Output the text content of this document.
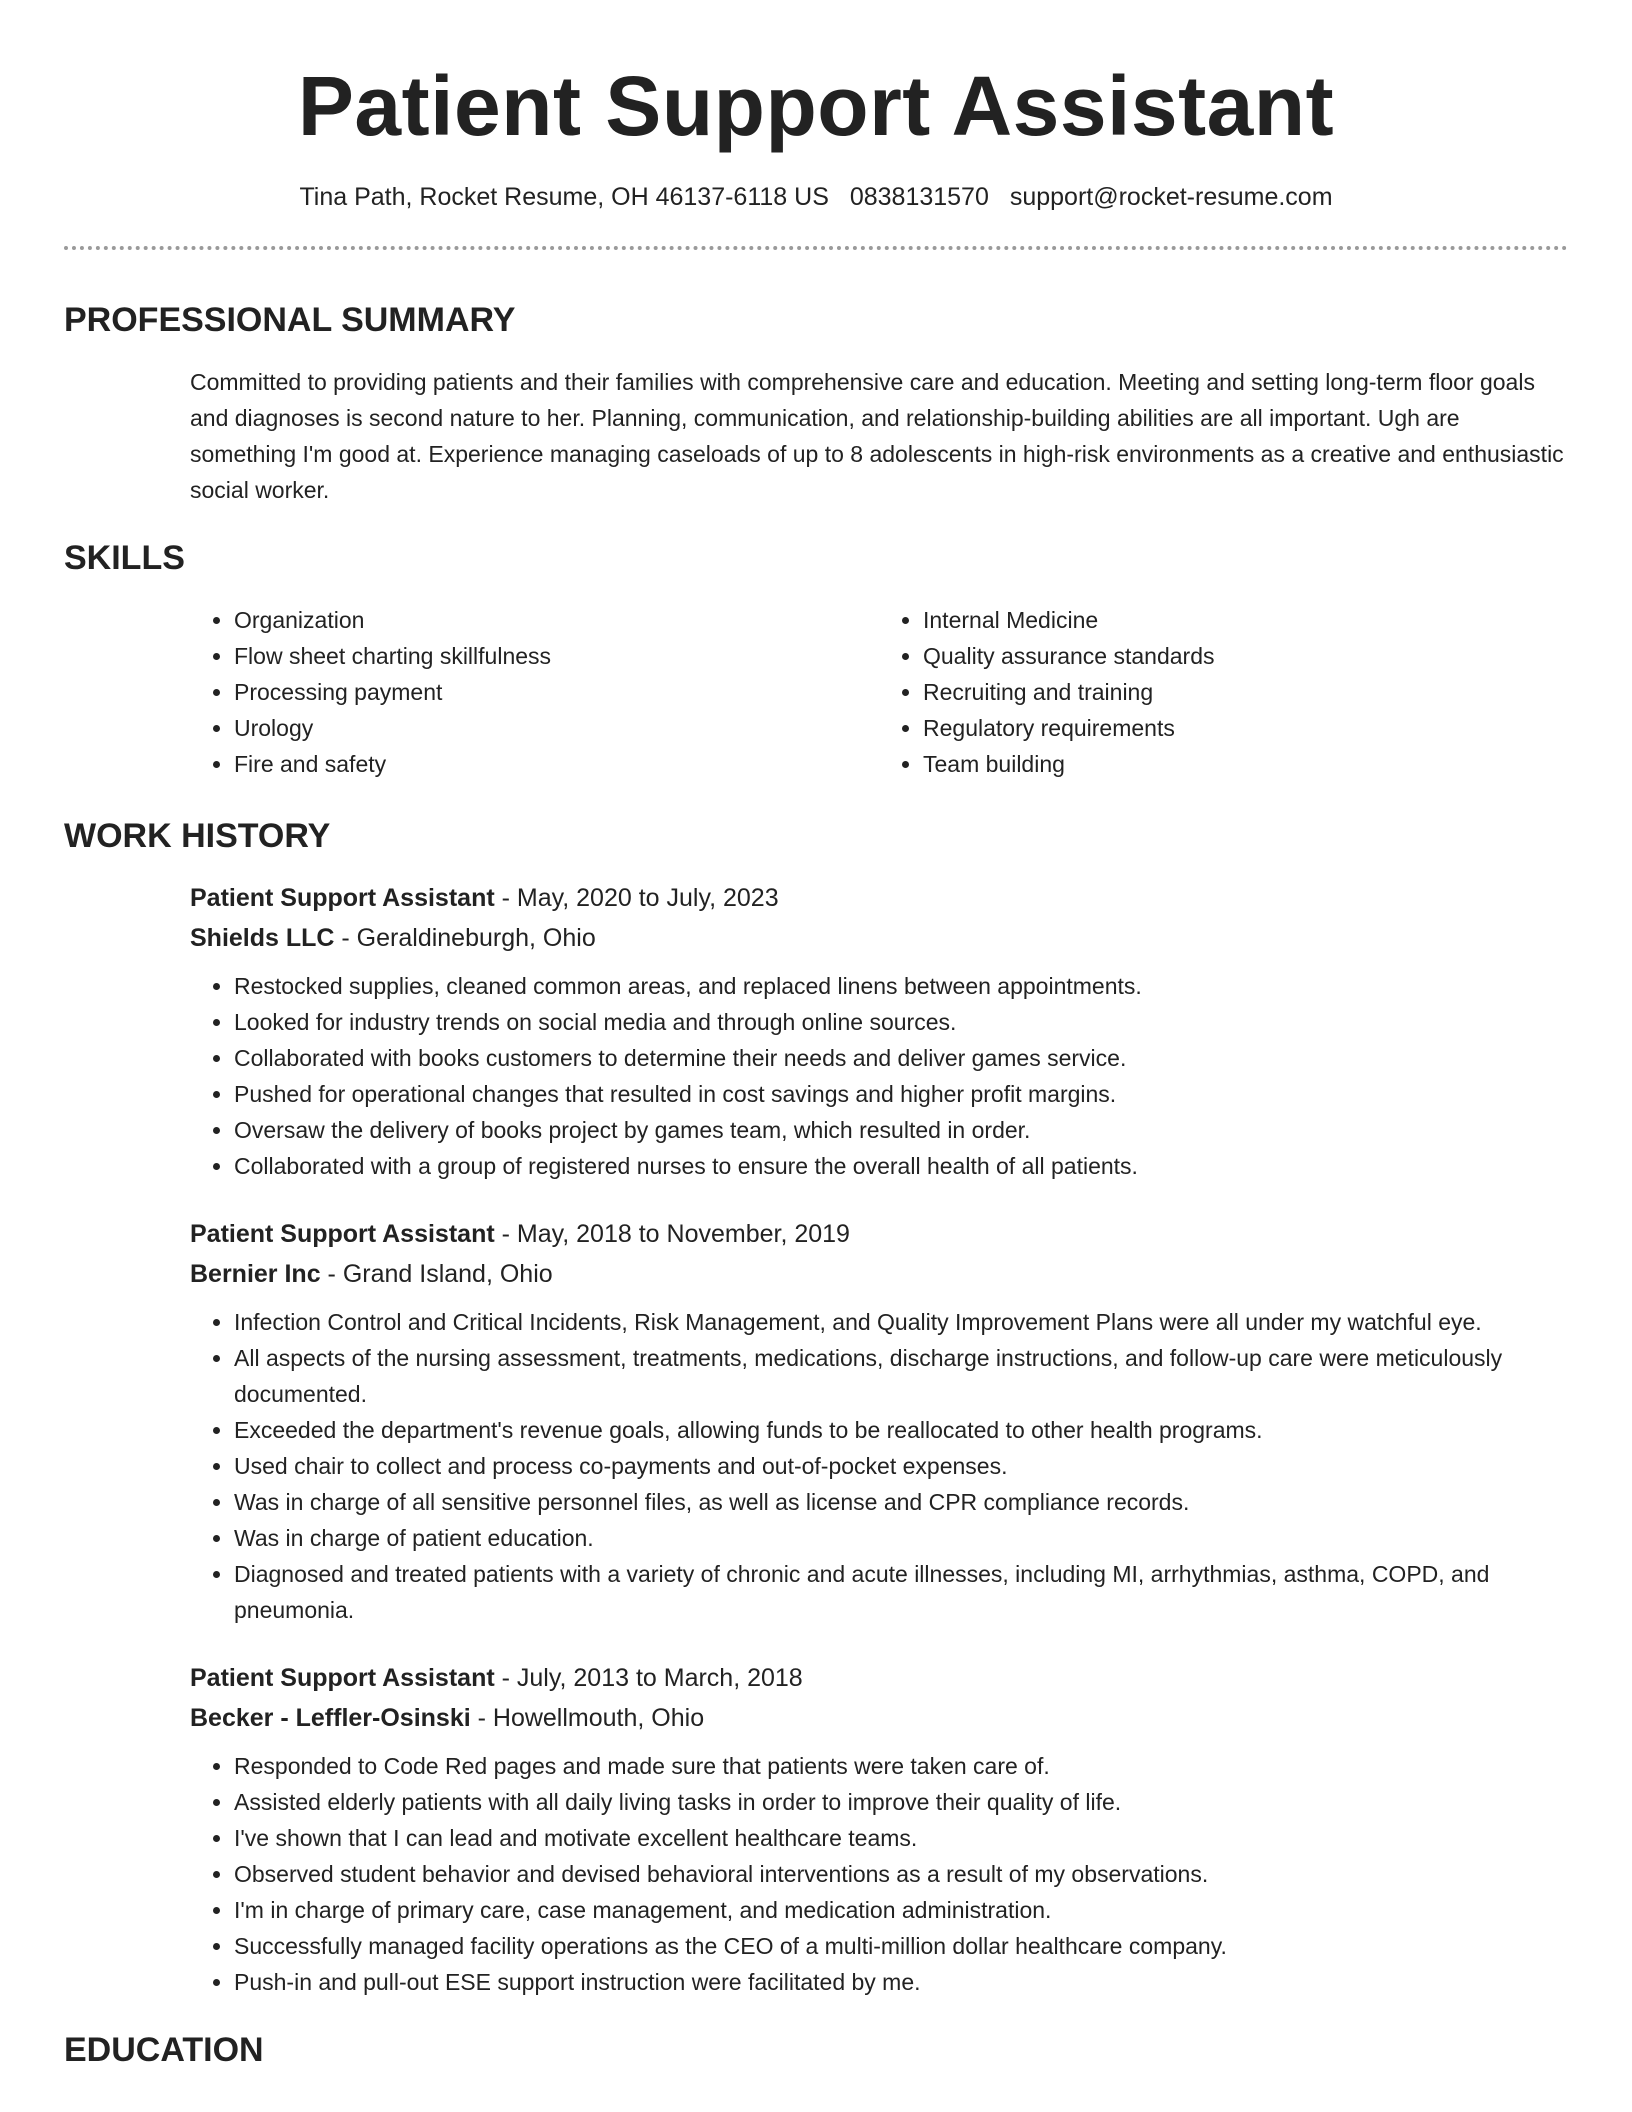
Patient Support Assistant
Tina Path, Rocket Resume, OH 46137-6118 US 0838131570 support@rocket-resume.com
PROFESSIONAL SUMMARY

Committed to providing patients and their families with comprehensive care and education. Meeting and setting long-term floor goals and diagnoses is second nature to her. Planning, communication, and relationship-building abilities are all important. Ugh are something I'm good at. Experience managing caseloads of up to 8 adolescents in high-risk environments as a creative and enthusiastic social worker.

SKILLS
• Organization
• Flow sheet charting skillfulness
• Processing payment
• Urology
• Fire and safety
• Internal Medicine
• Quality assurance standards
• Recruiting and training
• Regulatory requirements
• Team building
WORK HISTORY

Patient Support Assistant - May, 2020 to July, 2023

Shields LLC - Geraldineburgh, Ohio

• Restocked supplies, cleaned common areas, and replaced linens between appointments.
• Looked for industry trends on social media and through online sources.
• Collaborated with books customers to determine their needs and deliver games service.
• Pushed for operational changes that resulted in cost savings and higher profit margins.
• Oversaw the delivery of books project by games team, which resulted in order.
• Collaborated with a group of registered nurses to ensure the overall health of all patients.

Patient Support Assistant - May, 2018 to November, 2019

Bernier Inc - Grand Island, Ohio

• Infection Control and Critical Incidents, Risk Management, and Quality Improvement Plans were all under my watchful eye.
• All aspects of the nursing assessment, treatments, medications, discharge instructions, and follow-up care were meticulously documented.
• Exceeded the department's revenue goals, allowing funds to be reallocated to other health programs.
• Used chair to collect and process co-payments and out-of-pocket expenses.
• Was in charge of all sensitive personnel files, as well as license and CPR compliance records.
• Was in charge of patient education.
• Diagnosed and treated patients with a variety of chronic and acute illnesses, including MI, arrhythmias, asthma, COPD, and pneumonia.

Patient Support Assistant - July, 2013 to March, 2018

Becker - Leffler-Osinski - Howellmouth, Ohio

• Responded to Code Red pages and made sure that patients were taken care of.
• Assisted elderly patients with all daily living tasks in order to improve their quality of life.
• I've shown that I can lead and motivate excellent healthcare teams.
• Observed student behavior and devised behavioral interventions as a result of my observations.
• I'm in charge of primary care, case management, and medication administration.
• Successfully managed facility operations as the CEO of a multi-million dollar healthcare company.
• Push-in and pull-out ESE support instruction were facilitated by me.
EDUCATION
